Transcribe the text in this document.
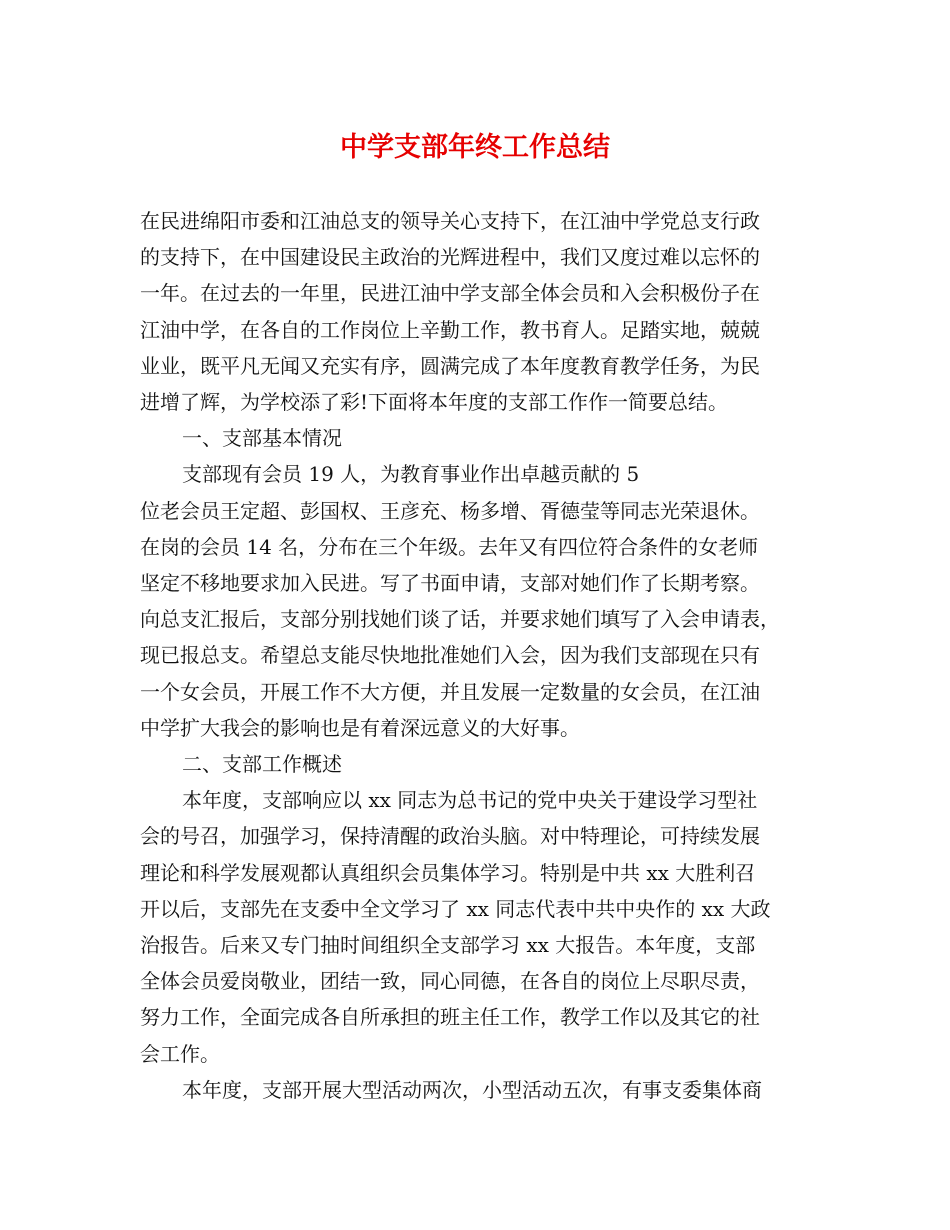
中学支部年终工作总结
在民进绵阳市委和江油总支的领导关心支持下，在江油中学党总支行政
的支持下，在中国建设民主政治的光辉进程中，我们又度过难以忘怀的
一年。在过去的一年里，民进江油中学支部全体会员和入会积极份子在
江油中学，在各自的工作岗位上辛勤工作，教书育人。足踏实地，兢兢
业业，既平凡无闻又充实有序，圆满完成了本年度教育教学任务，为民
进增了辉，为学校添了彩!下面将本年度的支部工作作一简要总结。
一、支部基本情况
支部现有会员 19 人，为教育事业作出卓越贡献的 5
位老会员王定超、彭国权、王彦充、杨多增、胥德莹等同志光荣退休。
在岗的会员 14 名，分布在三个年级。去年又有四位符合条件的女老师
坚定不移地要求加入民进。写了书面申请，支部对她们作了长期考察。
向总支汇报后，支部分别找她们谈了话，并要求她们填写了入会申请表，
现已报总支。希望总支能尽快地批准她们入会，因为我们支部现在只有
一个女会员，开展工作不大方便，并且发展一定数量的女会员，在江油
中学扩大我会的影响也是有着深远意义的大好事。
二、支部工作概述
本年度，支部响应以 xx 同志为总书记的党中央关于建设学习型社
会的号召，加强学习，保持清醒的政治头脑。对中特理论，可持续发展
理论和科学发展观都认真组织会员集体学习。特别是中共 xx 大胜利召
开以后，支部先在支委中全文学习了 xx 同志代表中共中央作的 xx 大政
治报告。后来又专门抽时间组织全支部学习 xx 大报告。本年度，支部
全体会员爱岗敬业，团结一致，同心同德，在各自的岗位上尽职尽责，
努力工作，全面完成各自所承担的班主任工作，教学工作以及其它的社
会工作。
本年度，支部开展大型活动两次，小型活动五次，有事支委集体商
